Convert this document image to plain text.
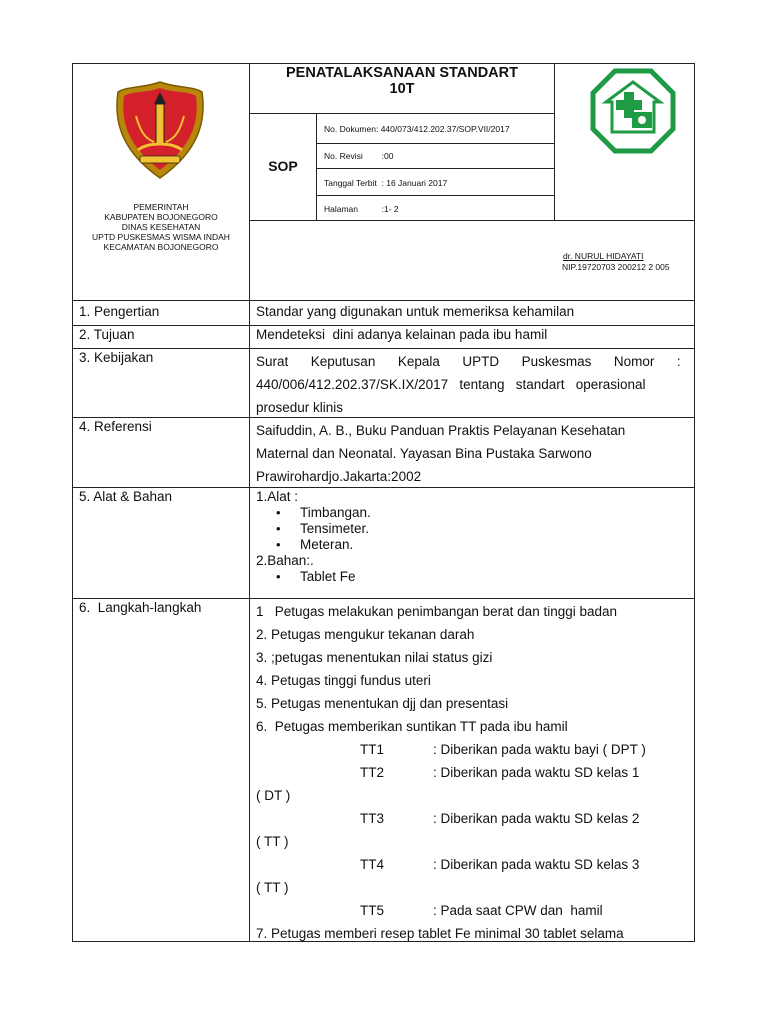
PEMERINTAH
KABUPATEN BOJONEGORO
DINAS KESEHATAN
UPTD PUSKESMAS WISMA INDAH
KECAMATAN BOJONEGORO
PENATALAKSANAAN STANDART
10T
SOP
No. Dokumen: 440/073/412.202.37/SOP.VII/2017
No. Revisi        :00
Tanggal Terbit  : 16 Januari 2017
Halaman          :1- 2
dr. NURUL HIDAYATI
NIP.19720703 200212 2 005
1. Pengertian	Standar yang digunakan untuk memeriksa kehamilan
2. Tujuan	Mendeteksi  dini adanya kelainan pada ibu hamil
3. Kebijakan	Surat      Keputusan      Kepala      UPTD      Puskesmas      Nomor      :
440/006/412.202.37/SK.IX/2017   tentang   standart   operasional
prosedur klinis
4. Referensi	Saifuddin, A. B., Buku Panduan Praktis Pelayanan Kesehatan
Maternal dan Neonatal. Yayasan Bina Pustaka Sarwono
Prawirohardjo.Jakarta:2002
5. Alat & Bahan	1.Alat :
• Timbangan.
• Tensimeter.
• Meteran.
2.Bahan:.
• Tablet Fe
6.  Langkah-langkah	1   Petugas melakukan penimbangan berat dan tinggi badan
2. Petugas mengukur tekanan darah
3. ;petugas menentukan nilai status gizi
4. Petugas tinggi fundus uteri
5. Petugas menentukan djj dan presentasi
6.  Petugas memberikan suntikan TT pada ibu hamil
TT1	: Diberikan pada waktu bayi ( DPT )
TT2	: Diberikan pada waktu SD kelas 1
( DT )
TT3	: Diberikan pada waktu SD kelas 2
( TT )
TT4	: Diberikan pada waktu SD kelas 3
( TT )
TT5	: Pada saat CPW dan  hamil
7. Petugas memberi resep tablet Fe minimal 30 tablet selama
